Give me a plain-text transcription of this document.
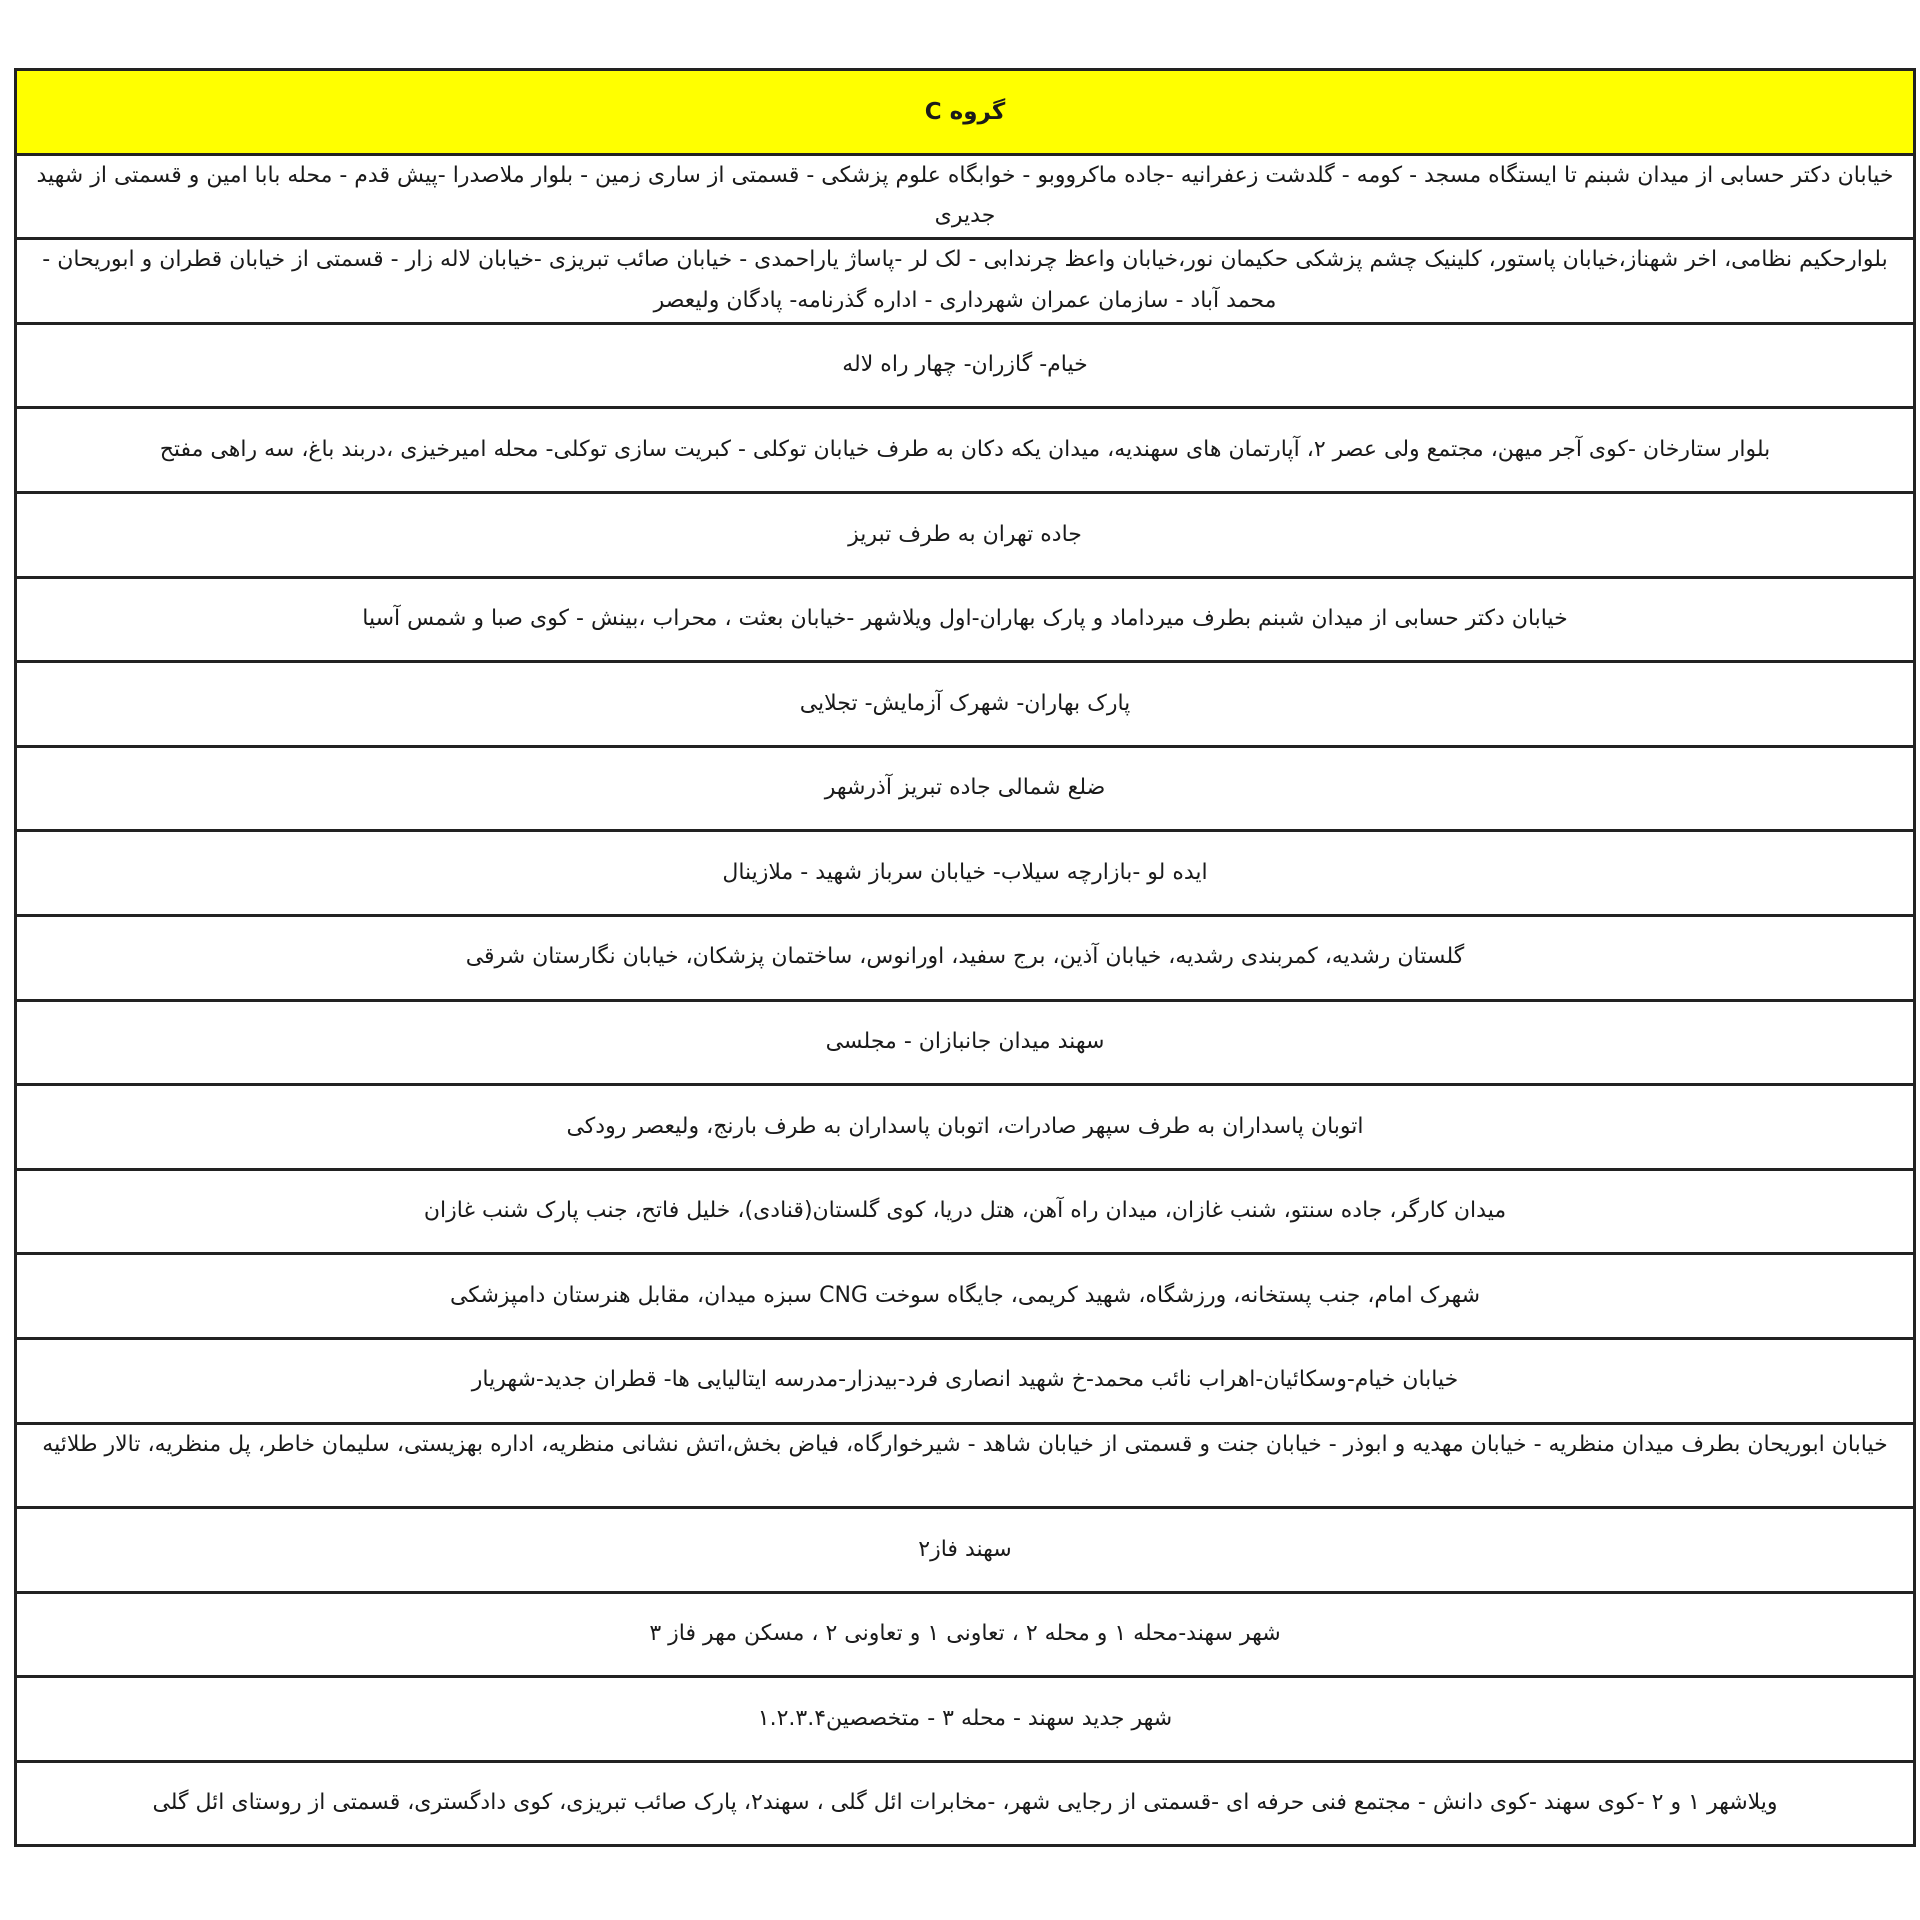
گروه C
خیابان دکتر حسابی از میدان شبنم تا ایستگاه مسجد - کومه - گلدشت زعفرانیه -جاده ماکرووبو - خوابگاه علوم پزشکی - قسمتی از ساری زمین - بلوار ملاصدرا -پیش قدم - محله بابا امین و قسمتی از شهید جدیری
بلوارحکیم نظامی، اخر شهناز،خیابان پاستور، کلینیک چشم پزشکی حکیمان نور،خیابان واعظ چرندابی - لک لر -پاساژ یاراحمدی - خیابان صائب تبریزی -خیابان لاله زار - قسمتی از خیابان قطران و ابوریحان - محمد آباد - سازمان عمران شهرداری - اداره گذرنامه- پادگان ولیعصر
خیام- گازران- چهار راه لاله
بلوار ستارخان -کوی آجر میهن، مجتمع ولی عصر ۲، آپارتمان های سهندیه، میدان یکه دکان به طرف خیابان توکلی - کبریت سازی توکلی- محله امیرخیزی ،دربند باغ، سه راهی مفتح
جاده تهران به طرف تبریز
خیابان دکتر حسابی از میدان شبنم بطرف میرداماد و پارک بهاران-اول ویلاشهر -خیابان بعثت ، محراب ،بینش - کوی صبا و شمس آسیا
پارک بهاران- شهرک آزمایش- تجلایی
ضلع شمالی جاده تبریز آذرشهر
ایده لو -بازارچه سیلاب- خیابان سرباز شهید - ملازینال
گلستان رشدیه، کمربندی رشدیه، خیابان آذین، برج سفید، اورانوس، ساختمان پزشکان، خیابان نگارستان شرقی
سهند میدان جانبازان - مجلسی
اتوبان پاسداران به طرف سپهر صادرات، اتوبان پاسداران به طرف بارنج، ولیعصر رودکی
میدان کارگر، جاده سنتو، شنب غازان، میدان راه آهن، هتل دریا، کوی گلستان(قنادی)، خلیل فاتح، جنب پارک شنب غازان
شهرک امام، جنب پستخانه، ورزشگاه، شهید کریمی، جایگاه سوخت CNG سبزه میدان، مقابل هنرستان دامپزشکی
خیابان خیام-وسکائیان-اهراب نائب محمد-خ شهید انصاری فرد-بیدزار-مدرسه ایتالیایی ها- قطران جدید-شهریار
خیابان ابوریحان بطرف میدان منظریه - خیابان مهدیه و ابوذر - خیابان جنت و قسمتی از خیابان شاهد - شیرخوارگاه، فیاض بخش،اتش نشانی منظریه، اداره بهزیستی، سلیمان خاطر، پل منظریه، تالار طلائیه
سهند فاز۲
شهر سهند-محله ۱ و محله ۲ ، تعاونی ۱ و تعاونی ۲ ، مسکن مهر فاز ۳
شهر جدید سهند - محله ۳ - متخصصین۱.۲.۳.۴
ویلاشهر ۱ و ۲ -کوی سهند -کوی دانش - مجتمع فنی حرفه ای -قسمتی از رجایی شهر، -مخابرات ائل گلی ، سهند۲، پارک صائب تبریزی، کوی دادگستری، قسمتی از روستای ائل گلی
